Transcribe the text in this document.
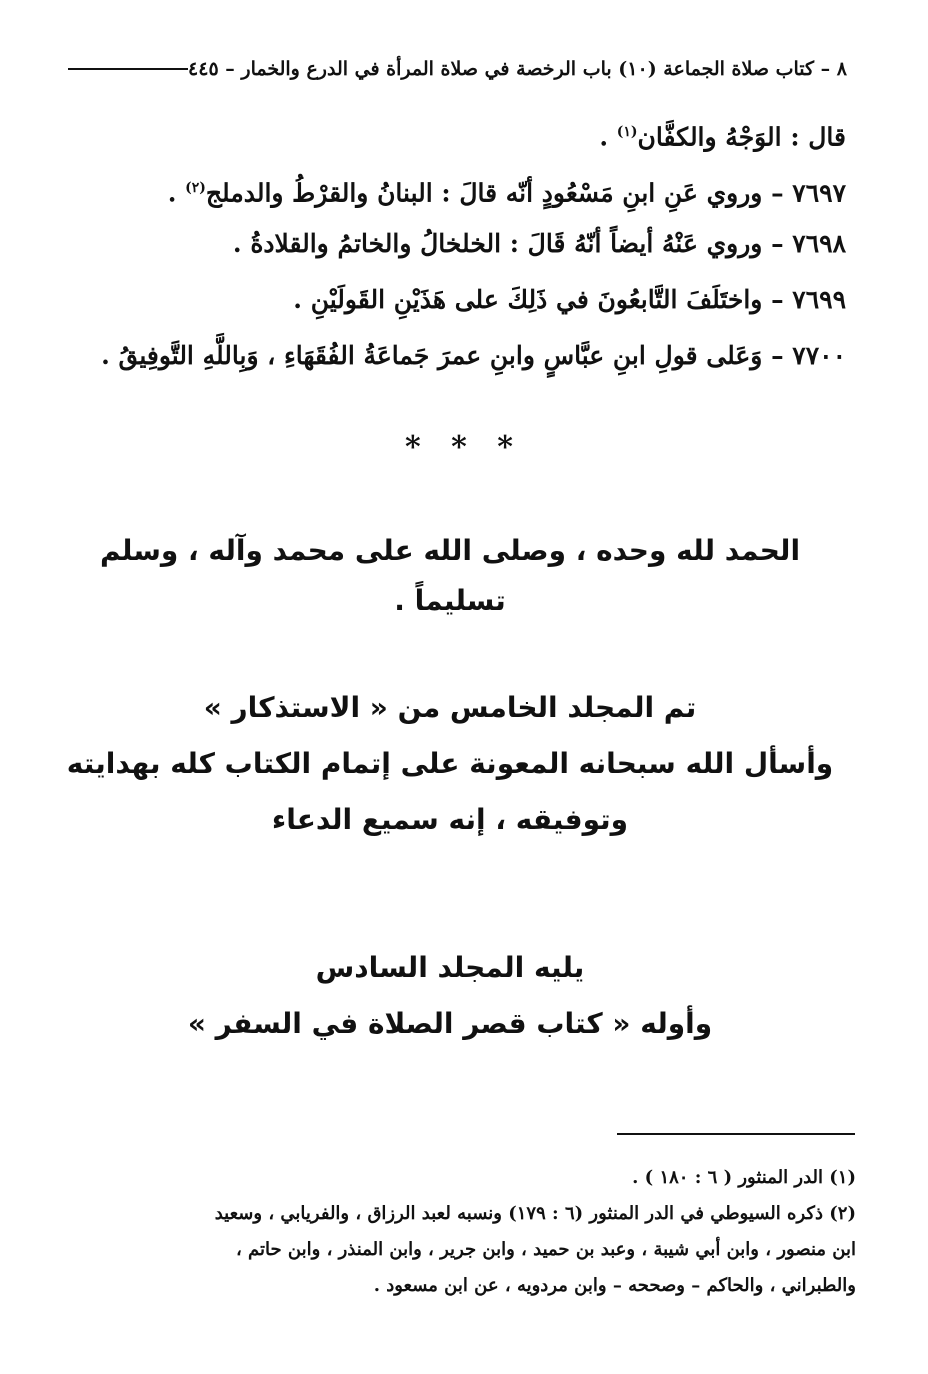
٨ – كتاب صلاة الجماعة (١٠) باب الرخصة في صلاة المرأة في الدرع والخمار – ٤٤٥
قال : الوَجْهُ والكفَّان$^{(١)}$ .
٧٦٩٧ – وروي عَنِ ابنِ مَسْعُودٍ أنّه قالَ : البنانُ والقرْطُ والدملج$^{(٢)}$ .
٧٦٩٨ – وروي عَنْهُ أيضاً أنّهُ قَالَ : الخلخالُ والخاتمُ والقلادةُ .
٧٦٩٩ – واختَلَفَ التَّابعُونَ في ذَلِكَ على هَذَيْنِ القَولَيْنِ .
٧٧٠٠ – وَعَلى قولِ ابنِ عبَّاسٍ وابنِ عمرَ جَماعَةُ الفُقَهَاءِ ، وَبِاللَّهِ التَّوفِيقُ .
* * *
الحمد لله وحده ، وصلى الله على محمد وآله ، وسلم
تسليماً .
تم المجلد الخامس من « الاستذكار »
وأسأل الله سبحانه المعونة على إتمام الكتاب كله بهدايته
وتوفيقه ، إنه سميع الدعاء
يليه المجلد السادس
وأوله « كتاب قصر الصلاة في السفر »
(١) الدر المنثور ( ٦ : ١٨٠ ) .
(٢) ذكره السيوطي في الدر المنثور (٦ : ١٧٩) ونسبه لعبد الرزاق ، والفريابي ، وسعيد
ابن منصور ، وابن أبي شيبة ، وعبد بن حميد ، وابن جرير ، وابن المنذر ، وابن حاتم ،
والطبراني ، والحاكم – وصححه – وابن مردويه ، عن ابن مسعود .
